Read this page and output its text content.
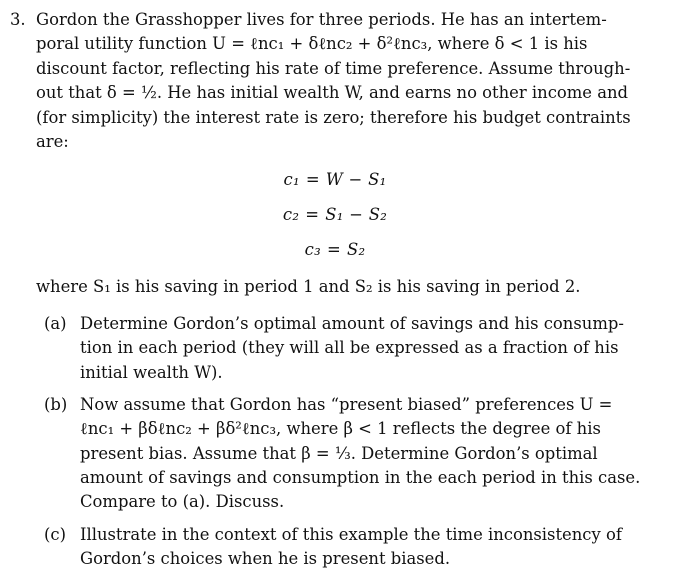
3. Gordon the Grasshopper lives for three periods. He has an intertem-
poral utility function U = ℓnc₁ + δℓnc₂ + δ²ℓnc₃, where δ < 1 is his
discount factor, reflecting his rate of time preference. Assume through-
out that δ = ½. He has initial wealth W, and earns no other income and
(for simplicity) the interest rate is zero; therefore his budget contraints
are:
c₁ = W − S₁
c₂ = S₁ − S₂
c₃ = S₂
where S₁ is his saving in period 1 and S₂ is his saving in period 2.
(a) Determine Gordon’s optimal amount of savings and his consump-
tion in each period (they will all be expressed as a fraction of his
initial wealth W).
(b) Now assume that Gordon has “present biased” preferences U =
ℓnc₁ + βδℓnc₂ + βδ²ℓnc₃, where β < 1 reflects the degree of his
present bias. Assume that β = ⅓. Determine Gordon’s optimal
amount of savings and consumption in the each period in this case.
Compare to (a). Discuss.
(c) Illustrate in the context of this example the time inconsistency of
Gordon’s choices when he is present biased.
